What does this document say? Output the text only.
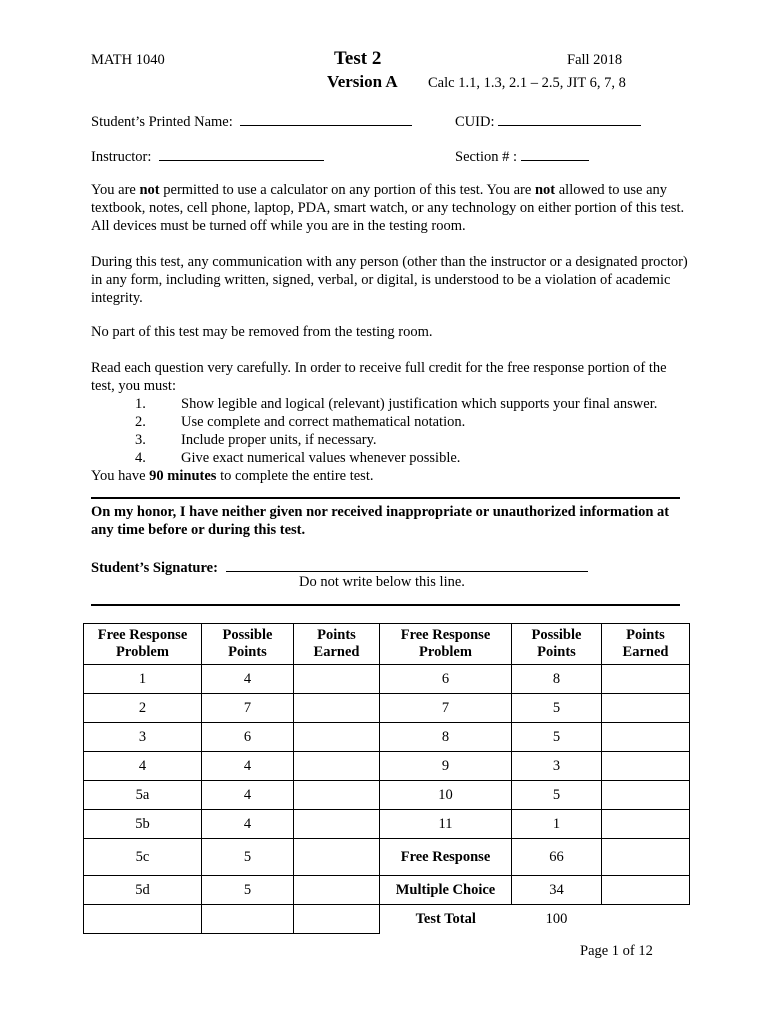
MATH 1040	Test 2
Version A
Fall 2018
Calc 1.1, 1.3, 2.1 – 2.5, JIT 6, 7, 8
Student’s Printed Name:	CUID:
Instructor:	Section # :

You are not permitted to use a calculator on any portion of this test. You are not allowed to use any textbook, notes, cell phone, laptop, PDA, smart watch, or any technology on either portion of this test. All devices must be turned off while you are in the testing room.

During this test, any communication with any person (other than the instructor or a designated proctor) in any form, including written, signed, verbal, or digital, is understood to be a violation of academic integrity.

No part of this test may be removed from the testing room.

Read each question very carefully. In order to receive full credit for the free response portion of the test, you must:

1. Show legible and logical (relevant) justification which supports your final answer.
2. Use complete and correct mathematical notation.
3. Include proper units, if necessary.
4. Give exact numerical values whenever possible.

You have 90 minutes to complete the entire test.

On my honor, I have neither given nor received inappropriate or unauthorized information at any time before or during this test.

Student’s Signature:
Do not write below this line.
Free Response Problem	Possible Points	Points Earned	Free Response Problem	Possible Points	Points Earned
1	4		6	8	
2	7		7	5	
3	6		8	5	
4	4		9	3	
5a	4		10	5	
5b	4		11	1	
5c	5		Free Response	66	
5d	5		Multiple Choice	34	
			Test Total	100	
Page 1 of 12
